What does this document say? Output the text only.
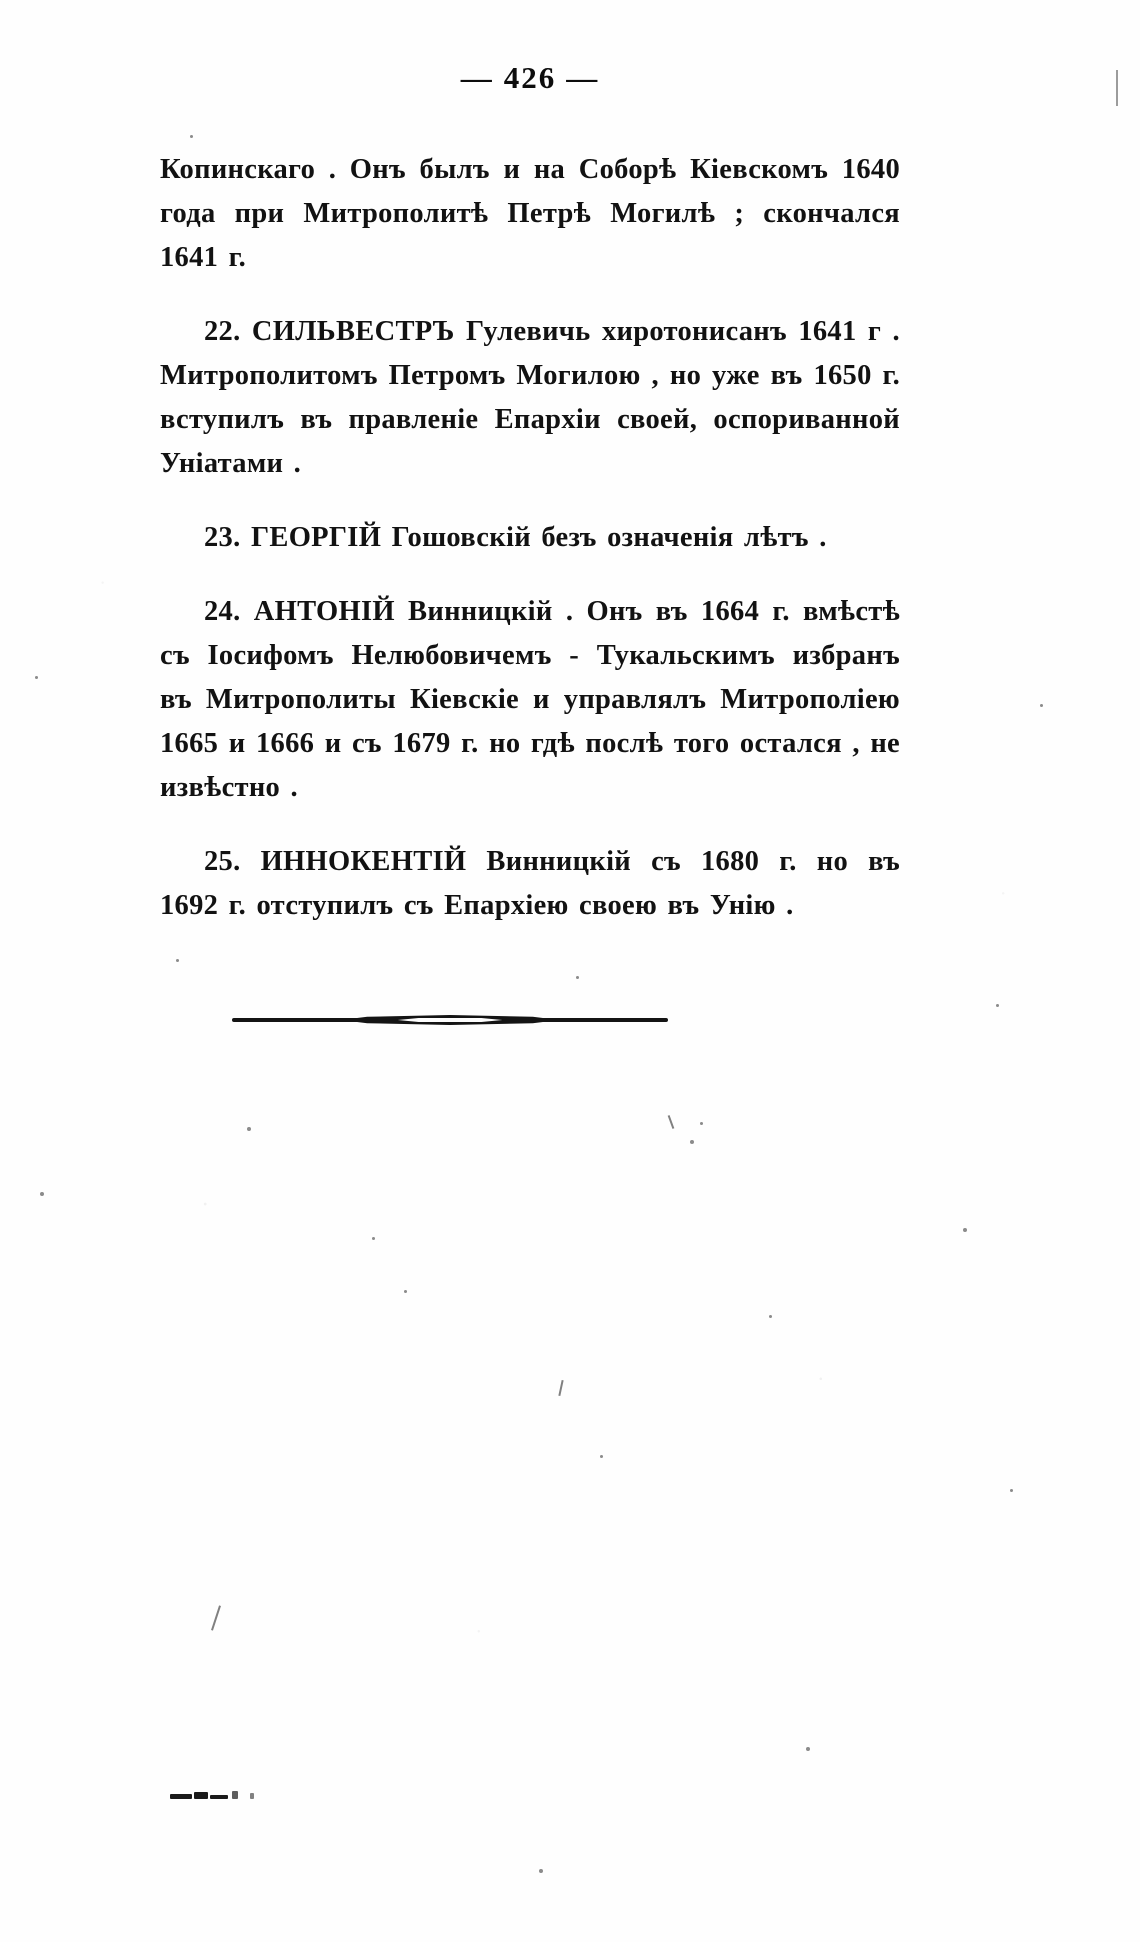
— 426 —

Копинскаго . Онъ былъ и на Соборѣ Кіевскомъ 1640 года при Митрополитѣ Петрѣ Могилѣ ; скончался 1641 г.

22. СИЛЬВЕСТРЪ Гулевичь хиротонисанъ 1641 г . Митрополитомъ Петромъ Могилою , но уже въ 1650 г. вступилъ въ правленіе Епархіи своей, оспориванной Уніатами .

23. ГЕОРГІЙ Гошовскій безъ означенія лѣтъ .

24. АНТОНІЙ Винницкій . Онъ въ 1664 г. вмѣстѣ съ Іосифомъ Нелюбовичемъ - Тукальскимъ избранъ въ Митрополиты Кіевскіе и управлялъ Митрополіею 1665 и 1666 и съ 1679 г. но гдѣ послѣ того остался , не извѣстно .

25. ИННОКЕНТІЙ Винницкій съ 1680 г. но въ 1692 г. отступилъ съ Епархіею своею въ Унію .
